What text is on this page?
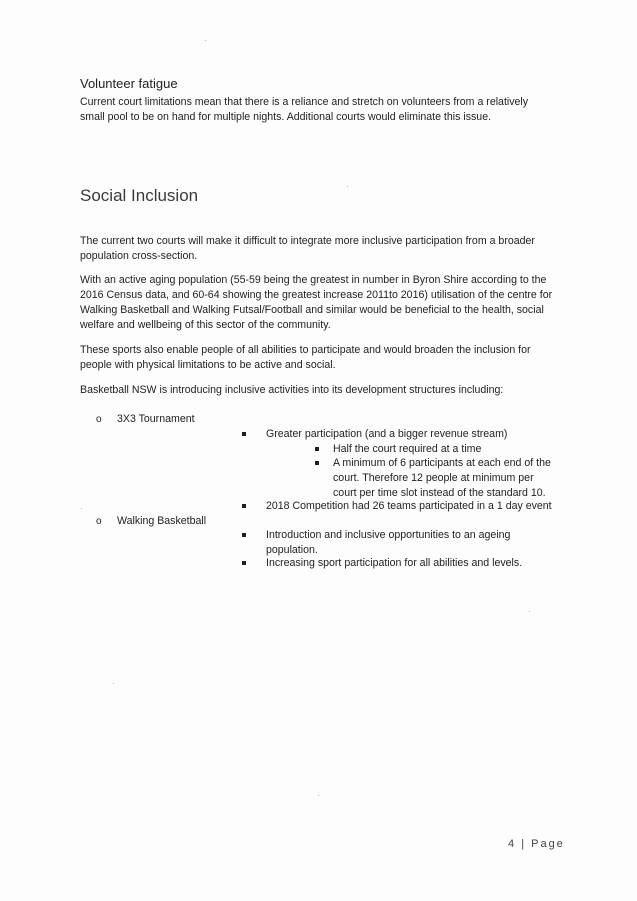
Volunteer fatigue

Current court limitations mean that there is a reliance and stretch on volunteers from a relatively
small pool to be on hand for multiple nights. Additional courts would eliminate this issue.

Social Inclusion

The current two courts will make it difficult to integrate more inclusive participation from a broader
population cross-section.

With an active aging population (55-59 being the greatest in number in Byron Shire according to the
2016 Census data, and 60-64 showing the greatest increase 2011to 2016) utilisation of the centre for
Walking Basketball and Walking Futsal/Football and similar would be beneficial to the health, social
welfare and wellbeing of this sector of the community.

These sports also enable people of all abilities to participate and would broaden the inclusion for
people with physical limitations to be active and social.

Basketball NSW is introducing inclusive activities into its development structures including:

o 3X3 Tournament
Greater participation (and a bigger revenue stream)
Half the court required at a time
A minimum of 6 participants at each end of the
court. Therefore 12 people at minimum per
court per time slot instead of the standard 10.
2018 Competition had 26 teams participated in a 1 day event
o Walking Basketball
Introduction and inclusive opportunities to an ageing
population.
Increasing sport participation for all abilities and levels.
4 | Page
